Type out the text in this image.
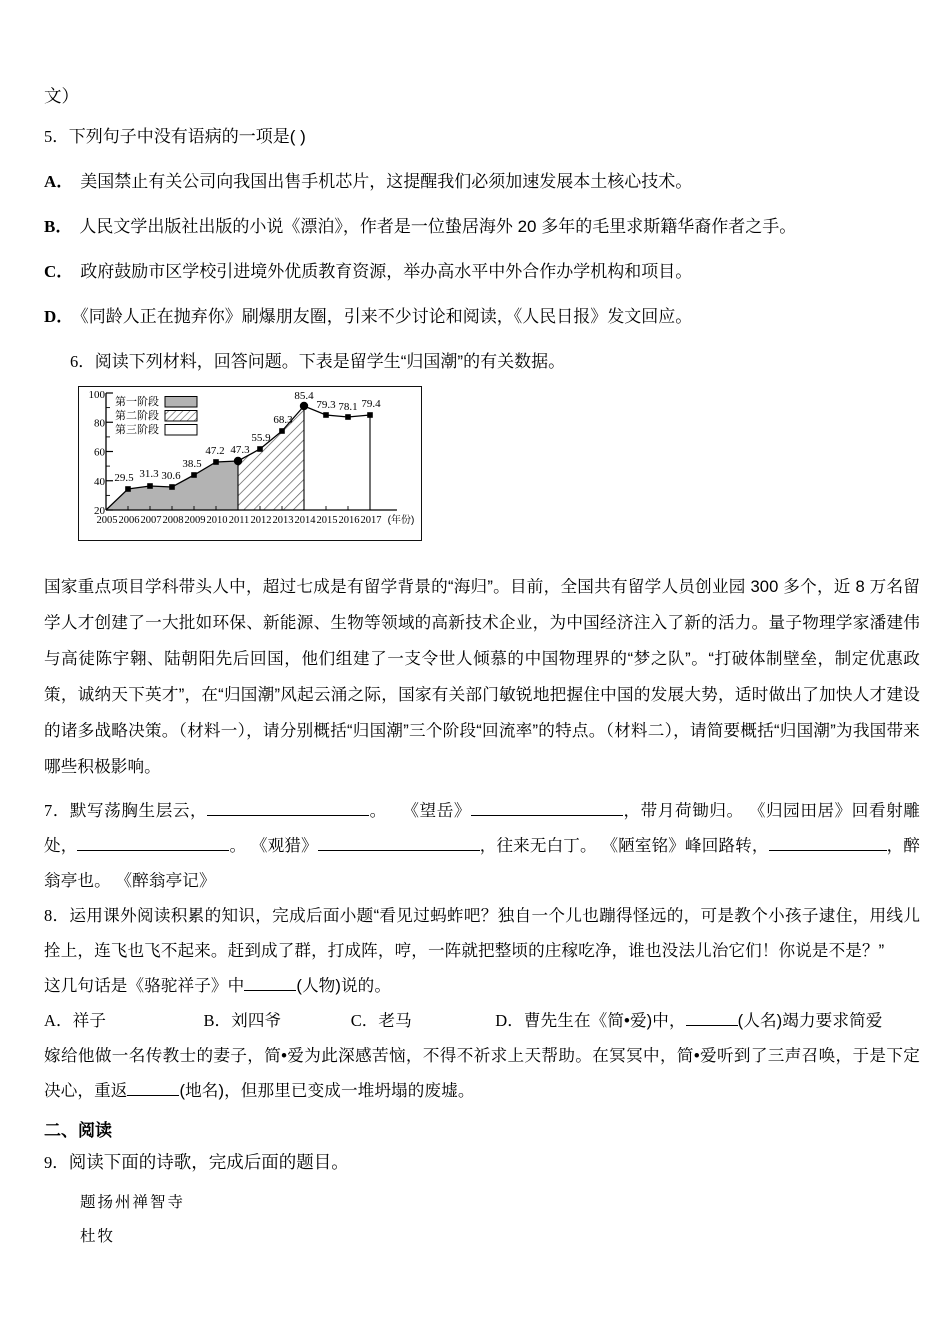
文）
5．下列句子中没有语病的一项是( )
A． 美国禁止有关公司向我国出售手机芯片，这提醒我们必须加速发展本土核心技术。
B． 人民文学出版社出版的小说《漂泊》，作者是一位蛰居海外 20 多年的毛里求斯籍华裔作者之手。
C． 政府鼓励市区学校引进境外优质教育资源，举办高水平中外合作办学机构和项目。
D． 《同龄人正在抛弃你》刷爆朋友圈，引来不少讨论和阅读，《人民日报》发文回应。
6．阅读下列材料，回答问题。下表是留学生“归国潮”的有关数据。
100
80
60
40
20
29.5 31.3 30.6
38.5
47.2 47.3
55.9
68.3
85.4
79.3 78.1 79.4
2005 2006 2007 2008 2009 2010 2011 2012 2013 2014 2015 2016 2017 (年份)
第一阶段
第二阶段
第三阶段
国家重点项目学科带头人中，超过七成是有留学背景的“海归”。目前，全国共有留学人员创业园 300 多个，近 8 万名留学人才创建了一大批如环保、新能源、生物等领域的高新技术企业，为中国经济注入了新的活力。量子物理学家潘建伟与高徒陈宇翱、陆朝阳先后回国，他们组建了一支令世人倾慕的中国物理界的“梦之队”。“打破体制壁垒，制定优惠政策，诚纳天下英才”，在“归国潮”风起云涌之际，国家有关部门敏锐地把握住中国的发展大势，适时做出了加快人才建设的诸多战略决策。（材料一），请分别概括“归国潮”三个阶段“回流率”的特点。（材料二），请简要概括“归国潮”为我国带来哪些积极影响。
7．默写荡胸生层云，	。 《望岳》	，带月荷锄归。 《归园田居》回看射雕处，	。 《观猎》	，往来无白丁。 《陋室铭》峰回路转，	，醉翁亭也。 《醉翁亭记》
8．运用课外阅读积累的知识，完成后面小题“看见过蚂蚱吧？独自一个儿也蹦得怪远的，可是教个小孩子逮住，用线儿拴上，连飞也飞不起来。赶到成了群，打成阵，哼，一阵就把整顷的庄稼吃净，谁也没法儿治它们！你说是不是？”
这几句话是《骆驼祥子》中	(人物)说的。
A．祥子	B．刘四爷	C．老马	D．曹先生在《简•爱)中，	(人名)竭力要求简爱
嫁给他做一名传教士的妻子，简•爱为此深感苦恼，不得不祈求上天帮助。在冥冥中，简•爱听到了三声召唤，于是下定决心，重返	(地名)，但那里已变成一堆坍塌的废墟。
二、阅读
9．阅读下面的诗歌，完成后面的题目。
题扬州禅智寺
杜牧
